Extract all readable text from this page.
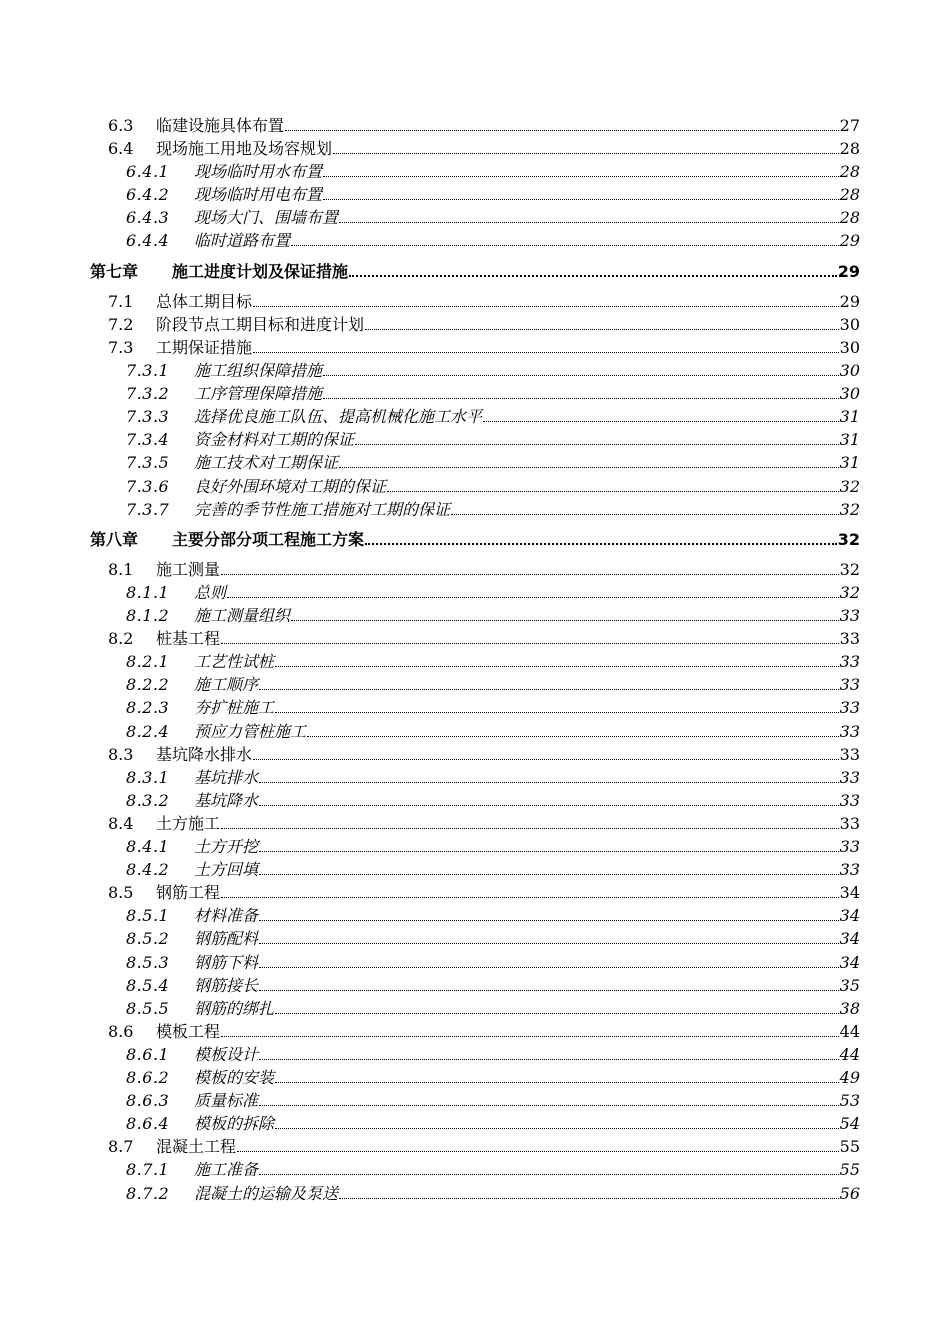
6.3	临建设施具体布置	27
6.4	现场施工用地及场容规划	28
6.4.1	现场临时用水布置	28
6.4.2	现场临时用电布置	28
6.4.3	现场大门、围墙布置	28
6.4.4	临时道路布置	29
第七章	施工进度计划及保证措施	29
7.1	总体工期目标	29
7.2	阶段节点工期目标和进度计划	30
7.3	工期保证措施	30
7.3.1	施工组织保障措施	30
7.3.2	工序管理保障措施	30
7.3.3	选择优良施工队伍、提高机械化施工水平	31
7.3.4	资金材料对工期的保证	31
7.3.5	施工技术对工期保证	31
7.3.6	良好外围环境对工期的保证	32
7.3.7	完善的季节性施工措施对工期的保证	32
第八章	主要分部分项工程施工方案	32
8.1	施工测量	32
8.1.1	总则	32
8.1.2	施工测量组织	33
8.2	桩基工程	33
8.2.1	工艺性试桩	33
8.2.2	施工顺序	33
8.2.3	夯扩桩施工	33
8.2.4	预应力管桩施工	33
8.3	基坑降水排水	33
8.3.1	基坑排水	33
8.3.2	基坑降水	33
8.4	土方施工	33
8.4.1	土方开挖	33
8.4.2	土方回填	33
8.5	钢筋工程	34
8.5.1	材料准备	34
8.5.2	钢筋配料	34
8.5.3	钢筋下料	34
8.5.4	钢筋接长	35
8.5.5	钢筋的绑扎	38
8.6	模板工程	44
8.6.1	模板设计	44
8.6.2	模板的安装	49
8.6.3	质量标准	53
8.6.4	模板的拆除	54
8.7	混凝土工程	55
8.7.1	施工准备	55
8.7.2	混凝土的运输及泵送	56
